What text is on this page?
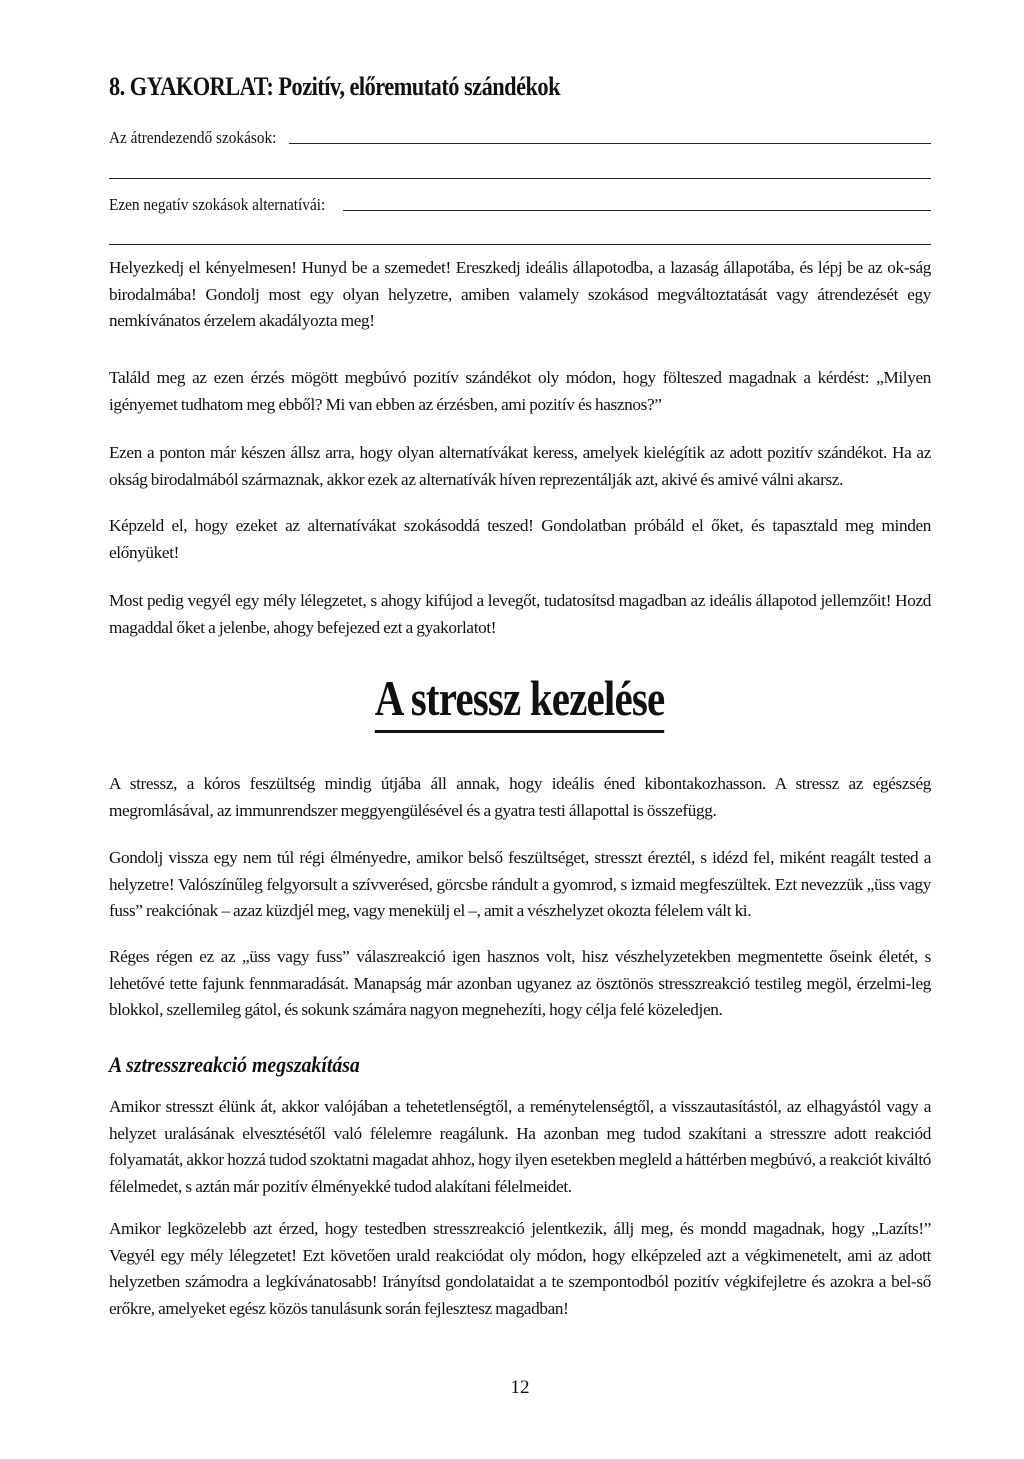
8. GYAKORLAT: Pozitív, előremutató szándékok
Az átrendezendő szokások:
Ezen negatív szokások alternatívái:

Helyezkedj el kényelmesen! Hunyd be a szemedet! Ereszkedj ideális állapotodba, a lazaság állapotába, és lépj be az ok-ság birodalmába! Gondolj most egy olyan helyzetre, amiben valamely szokásod megváltoztatását vagy átrendezését egy nemkívánatos érzelem akadályozta meg!

Találd meg az ezen érzés mögött megbúvó pozitív szándékot oly módon, hogy fölteszed magadnak a kérdést: „Milyen igényemet tudhatom meg ebből? Mi van ebben az érzésben, ami pozitív és hasznos?”

Ezen a ponton már készen állsz arra, hogy olyan alternatívákat keress, amelyek kielégítik az adott pozitív szándékot. Ha az okság birodalmából származnak, akkor ezek az alternatívák híven reprezentálják azt, akivé és amivé válni akarsz.

Képzeld el, hogy ezeket az alternatívákat szokásoddá teszed! Gondolatban próbáld el őket, és tapasztald meg minden előnyüket!

Most pedig vegyél egy mély lélegzetet, s ahogy kifújod a levegőt, tudatosítsd magadban az ideális állapotod jellemzőit! Hozd magaddal őket a jelenbe, ahogy befejezed ezt a gyakorlatot!

A stressz kezelése

A stressz, a kóros feszültség mindig útjába áll annak, hogy ideális éned kibontakozhasson. A stressz az egészség megromlásával, az immunrendszer meggyengülésével és a gyatra testi állapottal is összefügg.

Gondolj vissza egy nem túl régi élményedre, amikor belső feszültséget, stresszt éreztél, s idézd fel, miként reagált tested a helyzetre! Valószínűleg felgyorsult a szívverésed, görcsbe rándult a gyomrod, s izmaid megfeszültek. Ezt nevezzük „üss vagy fuss” reakciónak – azaz küzdjél meg, vagy menekülj el –, amit a vészhelyzet okozta félelem vált ki.

Réges régen ez az „üss vagy fuss” válaszreakció igen hasznos volt, hisz vészhelyzetekben megmentette őseink életét, s lehetővé tette fajunk fennmaradását. Manapság már azonban ugyanez az ösztönös stresszreakció testileg megöl, érzelmi-leg blokkol, szellemileg gátol, és sokunk számára nagyon megnehezíti, hogy célja felé közeledjen.

A sztresszreakció megszakítása

Amikor stresszt élünk át, akkor valójában a tehetetlenségtől, a reménytelenségtől, a visszautasítástól, az elhagyástól vagy a helyzet uralásának elvesztésétől való félelemre reagálunk. Ha azonban meg tudod szakítani a stresszre adott reakciód folyamatát, akkor hozzá tudod szoktatni magadat ahhoz, hogy ilyen esetekben megleld a háttérben megbúvó, a reakciót kiváltó félelmedet, s aztán már pozitív élményekké tudod alakítani félelmeidet.

Amikor legközelebb azt érzed, hogy testedben stresszreakció jelentkezik, állj meg, és mondd magadnak, hogy „Lazíts!” Vegyél egy mély lélegzetet! Ezt követően urald reakciódat oly módon, hogy elképzeled azt a végkimenetelt, ami az adott helyzetben számodra a legkívánatosabb! Irányítsd gondolataidat a te szempontodból pozitív végkifejletre és azokra a bel-ső erőkre, amelyeket egész közös tanulásunk során fejlesztesz magadban!

12
